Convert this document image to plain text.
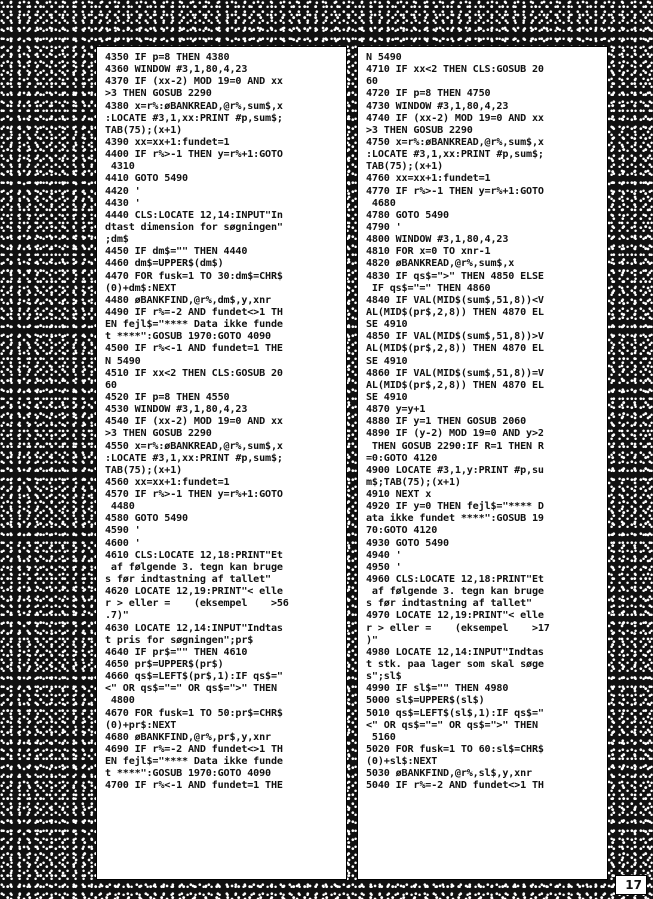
4350 IF p=8 THEN 4380
4360 WINDOW #3,1,80,4,23
4370 IF (xx-2) MOD 19=0 AND xx
>3 THEN GOSUB 2290
4380 x=r%:øBANKREAD,@r%,sum$,x
:LOCATE #3,1,xx:PRINT #p,sum$;
TAB(75);(x+1)
4390 xx=xx+1:fundet=1
4400 IF r%>-1 THEN y=r%+1:GOTO
4310
4410 GOTO 5490
4420 '
4430 '
4440 CLS:LOCATE 12,14:INPUT"In
dtast dimension for søgningen"
;dm$
4450 IF dm$="" THEN 4440
4460 dm$=UPPER$(dm$)
4470 FOR fusk=1 TO 30:dm$=CHR$
(0)+dm$:NEXT
4480 øBANKFIND,@r%,dm$,y,xnr
4490 IF r%=-2 AND fundet<>1 TH
EN fejl$="**** Data ikke funde
t ****":GOSUB 1970:GOTO 4090
4500 IF r%<-1 AND fundet=1 THE
N 5490
4510 IF xx<2 THEN CLS:GOSUB 20
60
4520 IF p=8 THEN 4550
4530 WINDOW #3,1,80,4,23
4540 IF (xx-2) MOD 19=0 AND xx
>3 THEN GOSUB 2290
4550 x=r%:øBANKREAD,@r%,sum$,x
:LOCATE #3,1,xx:PRINT #p,sum$;
TAB(75);(x+1)
4560 xx=xx+1:fundet=1
4570 IF r%>-1 THEN y=r%+1:GOTO
4480
4580 GOTO 5490
4590 '
4600 '
4610 CLS:LOCATE 12,18:PRINT"Et
af følgende 3. tegn kan bruge
s før indtastning af tallet"
4620 LOCATE 12,19:PRINT"< elle
r > eller =    (eksempel    >56
.7)"
4630 LOCATE 12,14:INPUT"Indtas
t pris for søgningen";pr$
4640 IF pr$="" THEN 4610
4650 pr$=UPPER$(pr$)
4660 qs$=LEFT$(pr$,1):IF qs$="
<" OR qs$="=" OR qs$=">" THEN
4800
4670 FOR fusk=1 TO 50:pr$=CHR$
(0)+pr$:NEXT
4680 øBANKFIND,@r%,pr$,y,xnr
4690 IF r%=-2 AND fundet<>1 TH
EN fejl$="**** Data ikke funde
t ****":GOSUB 1970:GOTO 4090
4700 IF r%<-1 AND fundet=1 THE
N 5490
4710 IF xx<2 THEN CLS:GOSUB 20
60
4720 IF p=8 THEN 4750
4730 WINDOW #3,1,80,4,23
4740 IF (xx-2) MOD 19=0 AND xx
>3 THEN GOSUB 2290
4750 x=r%:øBANKREAD,@r%,sum$,x
:LOCATE #3,1,xx:PRINT #p,sum$;
TAB(75);(x+1)
4760 xx=xx+1:fundet=1
4770 IF r%>-1 THEN y=r%+1:GOTO
4680
4780 GOTO 5490
4790 '
4800 WINDOW #3,1,80,4,23
4810 FOR x=0 TO xnr-1
4820 øBANKREAD,@r%,sum$,x
4830 IF qs$=">" THEN 4850 ELSE
IF qs$="=" THEN 4860
4840 IF VAL(MID$(sum$,51,8))<V
AL(MID$(pr$,2,8)) THEN 4870 EL
SE 4910
4850 IF VAL(MID$(sum$,51,8))>V
AL(MID$(pr$,2,8)) THEN 4870 EL
SE 4910
4860 IF VAL(MID$(sum$,51,8))=V
AL(MID$(pr$,2,8)) THEN 4870 EL
SE 4910
4870 y=y+1
4880 IF y=1 THEN GOSUB 2060
4890 IF (y-2) MOD 19=0 AND y>2
THEN GOSUB 2290:IF R=1 THEN R
=0:GOTO 4120
4900 LOCATE #3,1,y:PRINT #p,su
m$;TAB(75);(x+1)
4910 NEXT x
4920 IF y=0 THEN fejl$="**** D
ata ikke fundet ****":GOSUB 19
70:GOTO 4120
4930 GOTO 5490
4940 '
4950 '
4960 CLS:LOCATE 12,18:PRINT"Et
af følgende 3. tegn kan bruge
s før indtastning af tallet"
4970 LOCATE 12,19:PRINT"< elle
r > eller =    (eksempel    >17
)"
4980 LOCATE 12,14:INPUT"Indtas
t stk. paa lager som skal søge
s";sl$
4990 IF sl$="" THEN 4980
5000 sl$=UPPER$(sl$)
5010 qs$=LEFT$(sl$,1):IF qs$="
<" OR qs$="=" OR qs$=">" THEN
5160
5020 FOR fusk=1 TO 60:sl$=CHR$
(0)+sl$:NEXT
5030 øBANKFIND,@r%,sl$,y,xnr
5040 IF r%=-2 AND fundet<>1 TH
17
